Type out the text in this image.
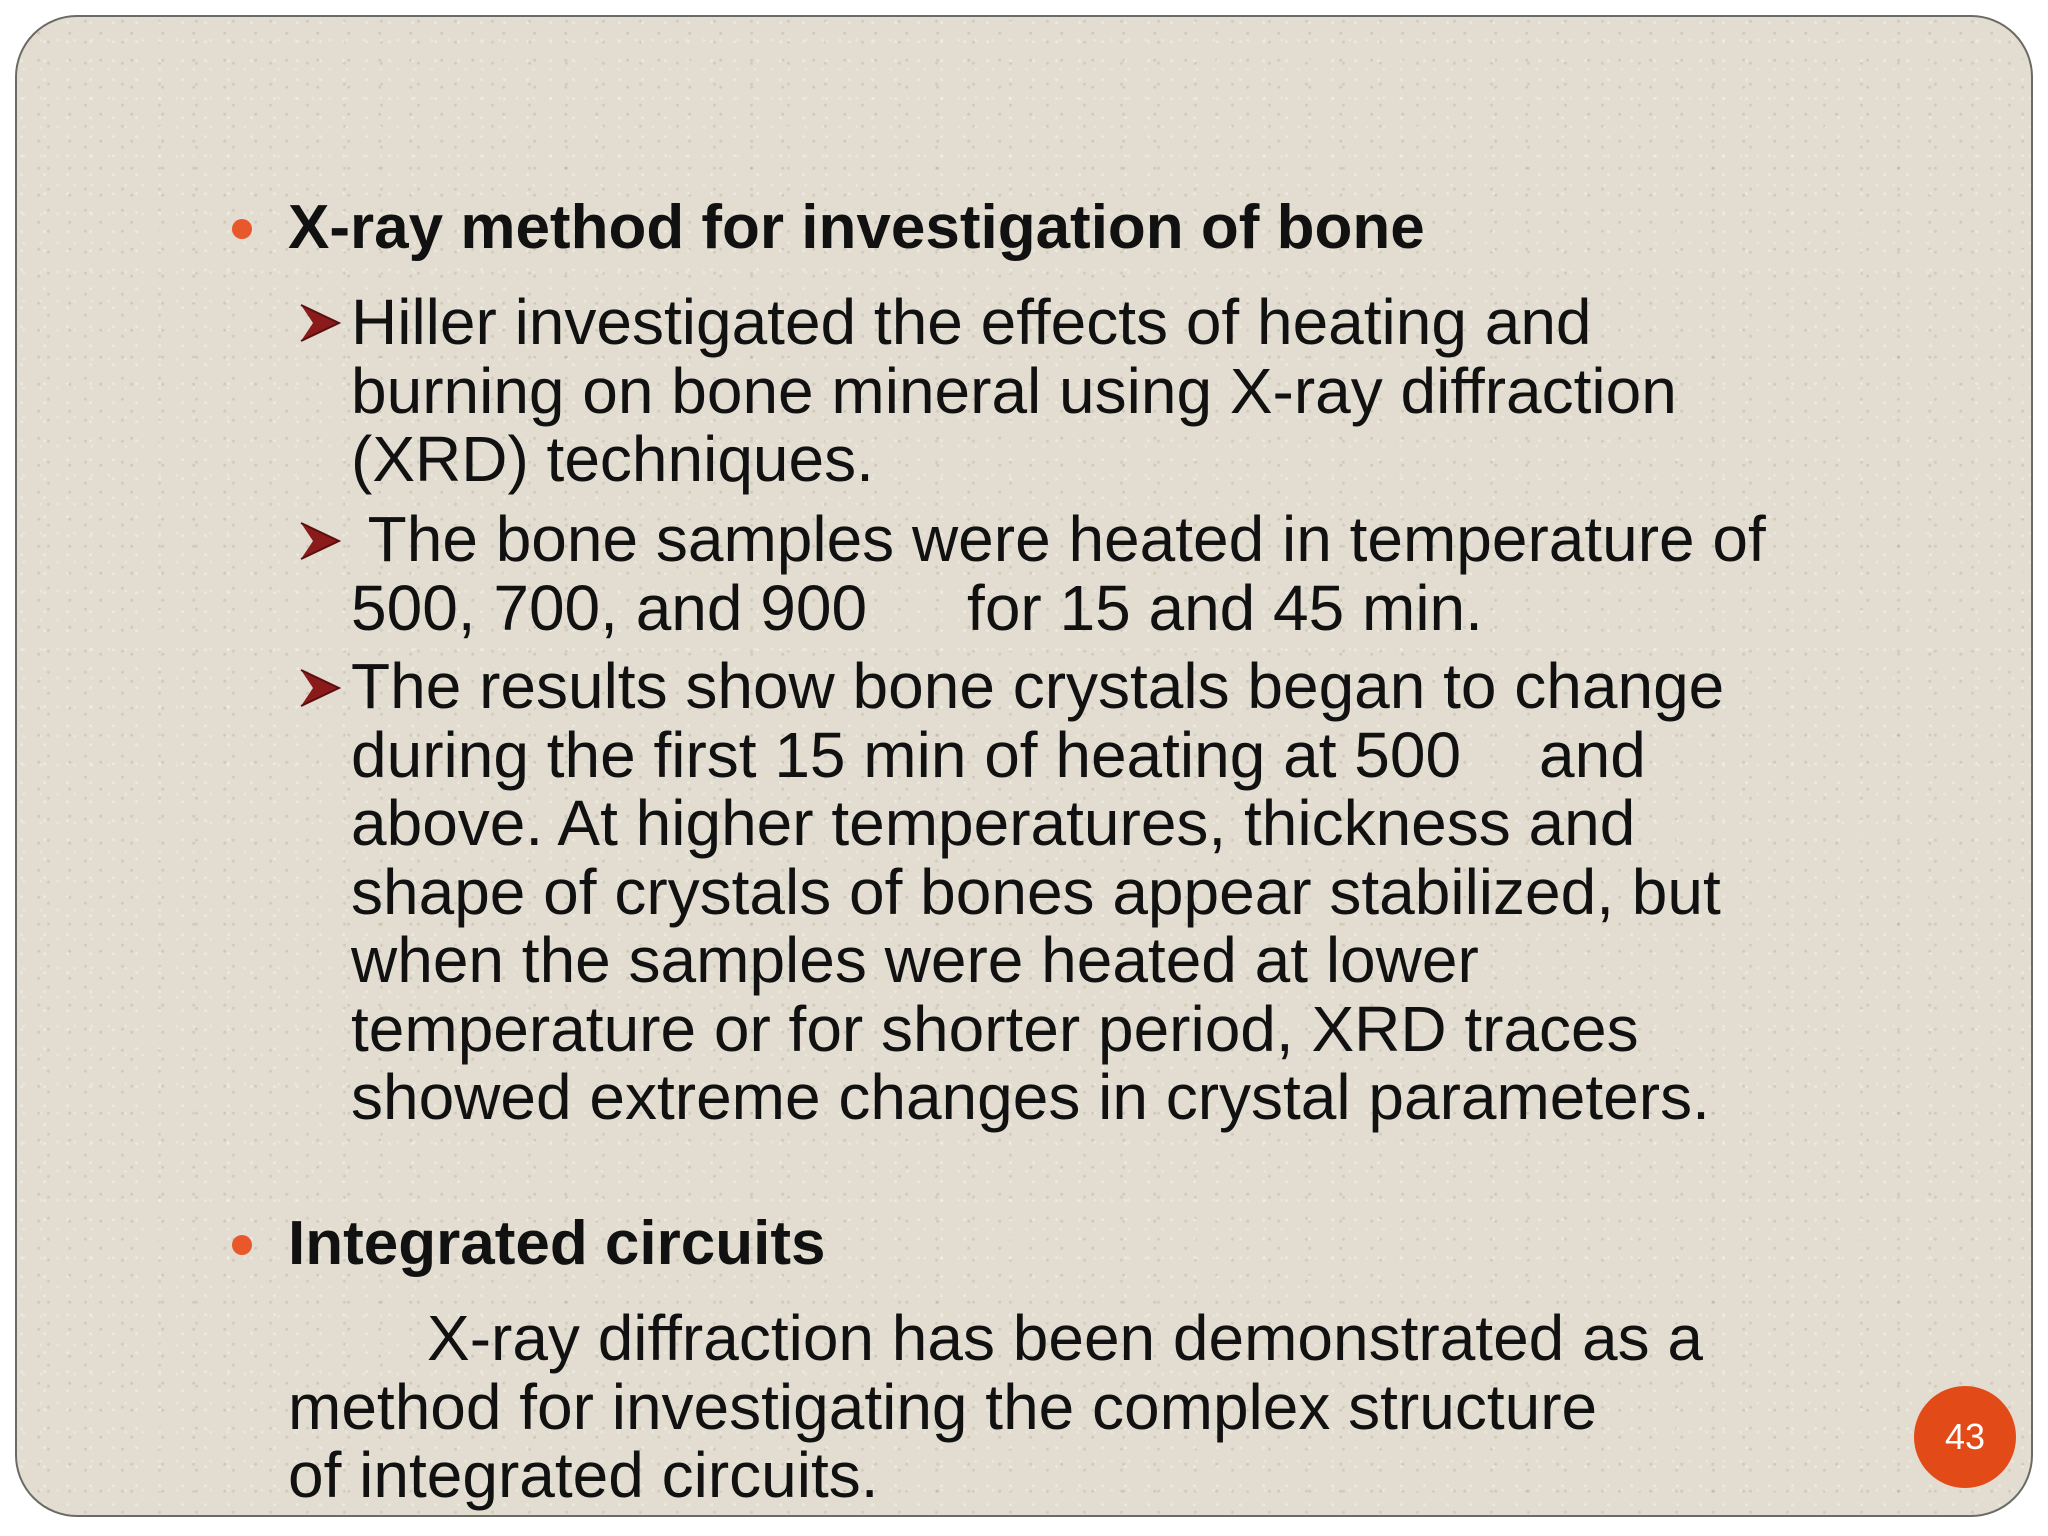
X-ray method for investigation of bone
Hiller investigated the effects of heating and
burning on bone mineral using X-ray diffraction
(XRD) techniques.
The bone samples were heated in temperature of
500, 700, and 900 for 15 and 45 min.
The results show bone crystals began to change
during the first 15 min of heating at 500 and
above. At higher temperatures, thickness and
shape of crystals of bones appear stabilized, but
when the samples were heated at lower
temperature or for shorter period, XRD traces
showed extreme changes in crystal parameters.
Integrated circuits
X-ray diffraction has been demonstrated as a
method for investigating the complex structure
of integrated circuits.
43
